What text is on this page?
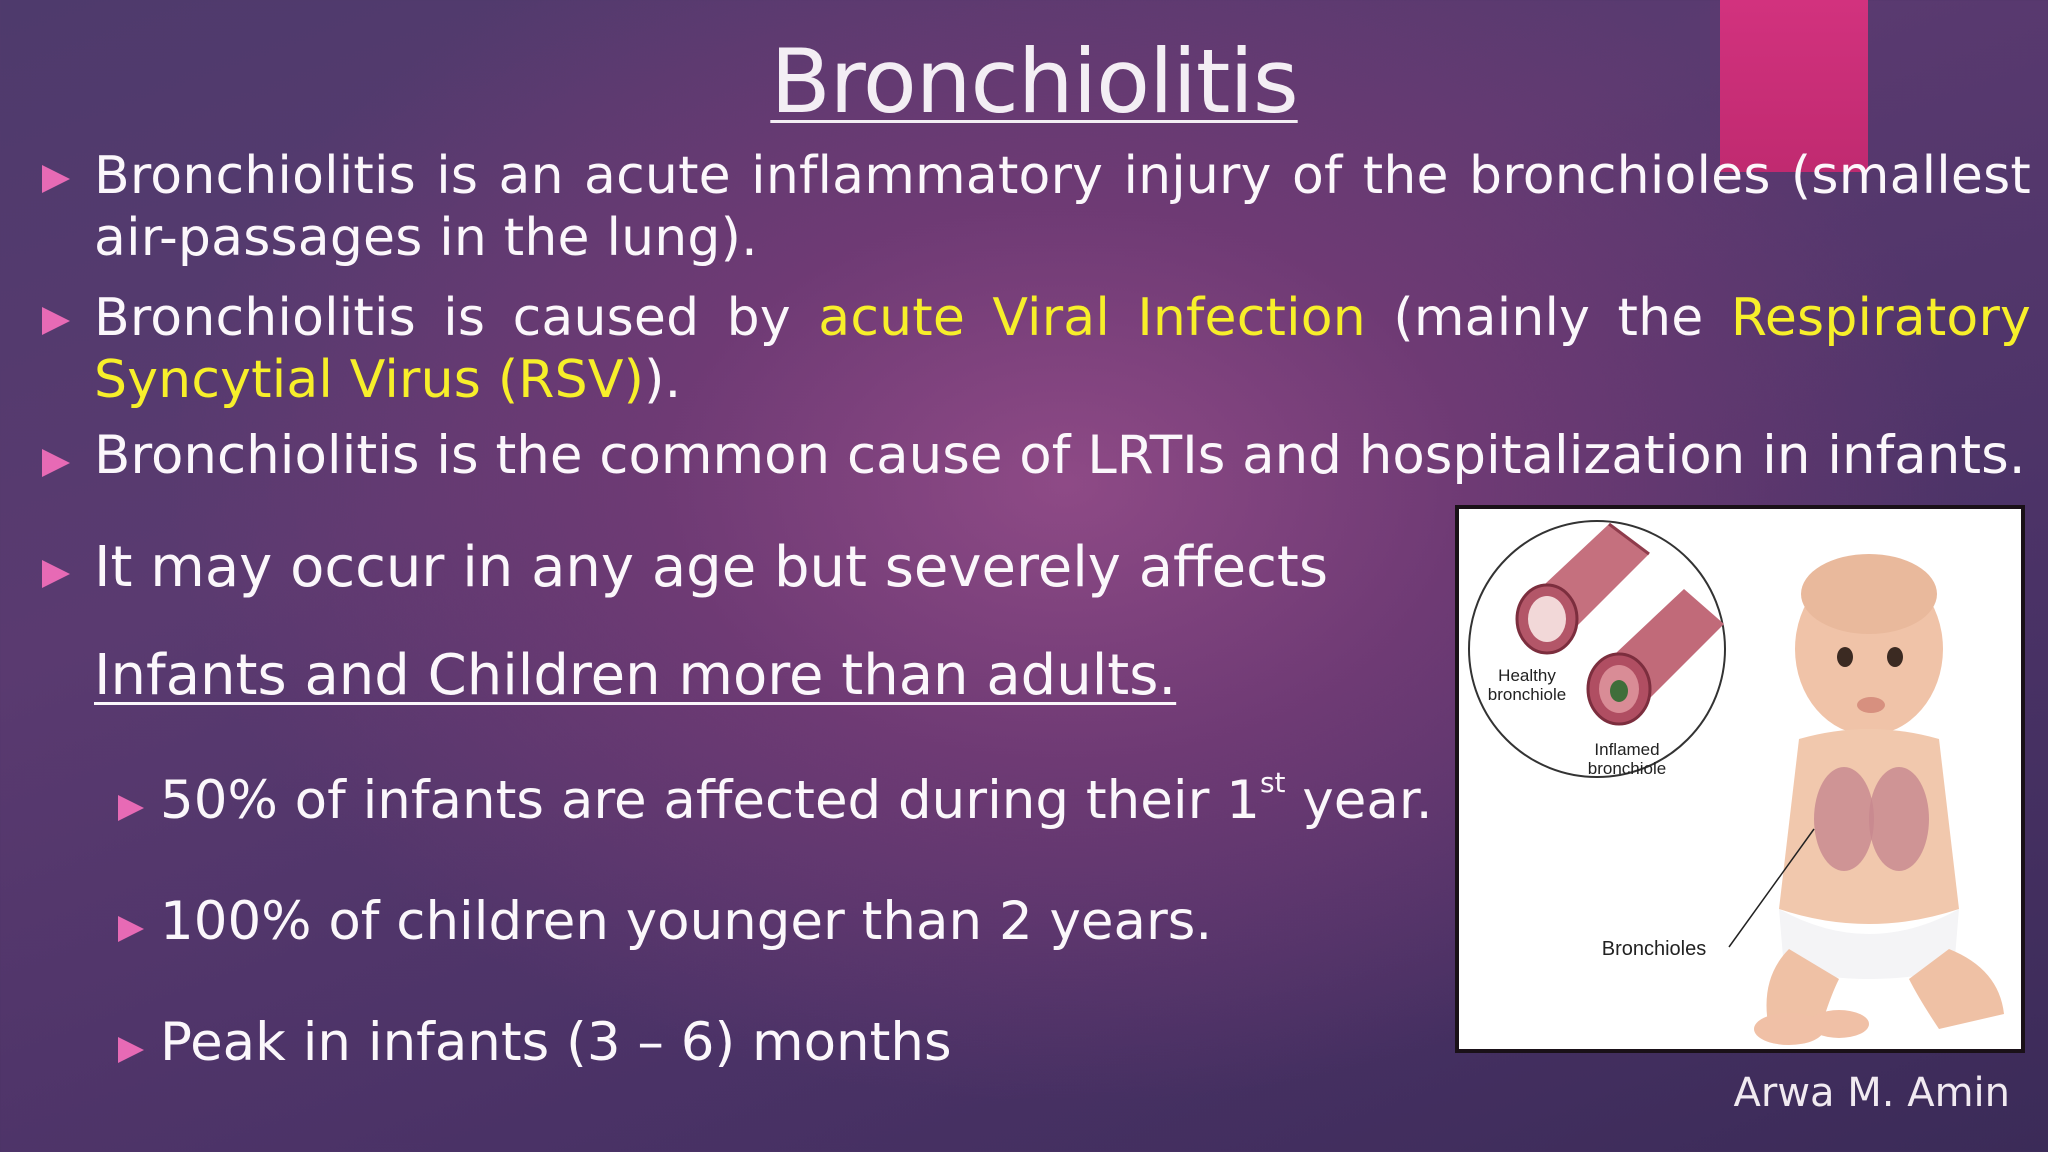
Bronchiolitis
Bronchiolitis is an acute inflammatory injury of the bronchioles (smallest air-passages in the lung).
Bronchiolitis is caused by acute Viral Infection (mainly the Respiratory Syncytial Virus (RSV)).
Bronchiolitis is the common cause of LRTIs and hospitalization in infants.
It may occur in any age but severely affects
Infants and Children more than adults.
50% of infants are affected during their 1st year.
100% of children younger than 2 years.
Peak in infants (3 – 6) months
Healthy
bronchiole
Inflamed
bronchiole
Bronchioles
Arwa M. Amin
